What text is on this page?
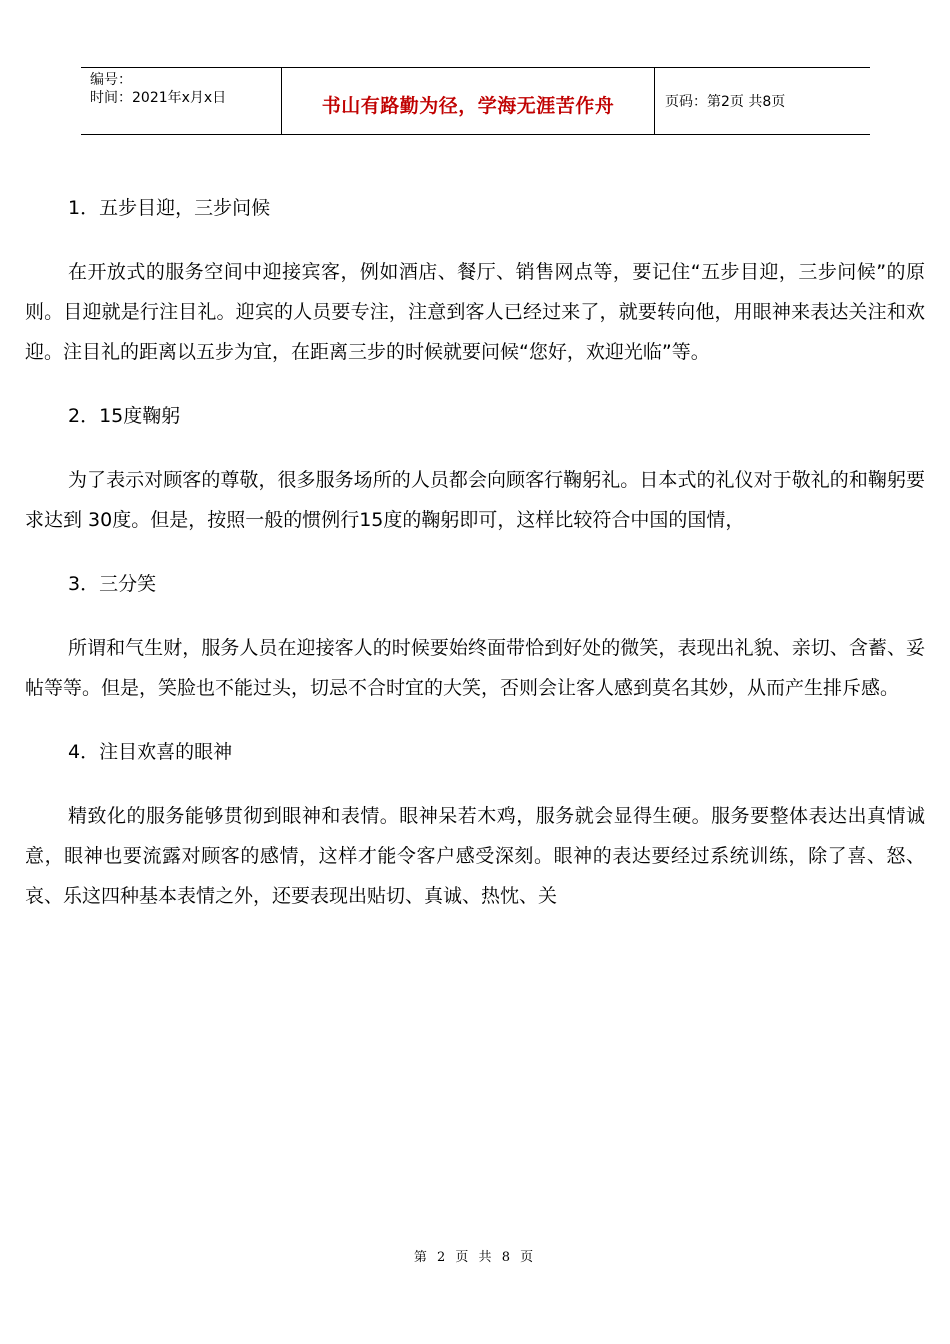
编号：
时间：2021年x月x日	书山有路勤为径，学海无涯苦作舟	页码：第2页 共8页
1．五步目迎，三步问候
在开放式的服务空间中迎接宾客，例如酒店、餐厅、销售网点等，要记住“五步目迎，三步问候”的原则。目迎就是行注目礼。迎宾的人员要专注，注意到客人已经过来了，就要转向他，用眼神来表达关注和欢迎。注目礼的距离以五步为宜，在距离三步的时候就要问候“您好，欢迎光临”等。
2．15度鞠躬
为了表示对顾客的尊敬，很多服务场所的人员都会向顾客行鞠躬礼。日本式的礼仪对于敬礼的和鞠躬要求达到 30度。但是，按照一般的惯例行15度的鞠躬即可，这样比较符合中国的国情，
3．三分笑
所谓和气生财，服务人员在迎接客人的时候要始终面带恰到好处的微笑，表现出礼貌、亲切、含蓄、妥帖等等。但是，笑脸也不能过头，切忌不合时宜的大笑，否则会让客人感到莫名其妙，从而产生排斥感。
4．注目欢喜的眼神
精致化的服务能够贯彻到眼神和表情。眼神呆若木鸡，服务就会显得生硬。服务要整体表达出真情诚意，眼神也要流露对顾客的感情，这样才能令客户感受深刻。眼神的表达要经过系统训练，除了喜、怒、哀、乐这四种基本表情之外，还要表现出贴切、真诚、热忱、关
第 2 页 共 8 页
